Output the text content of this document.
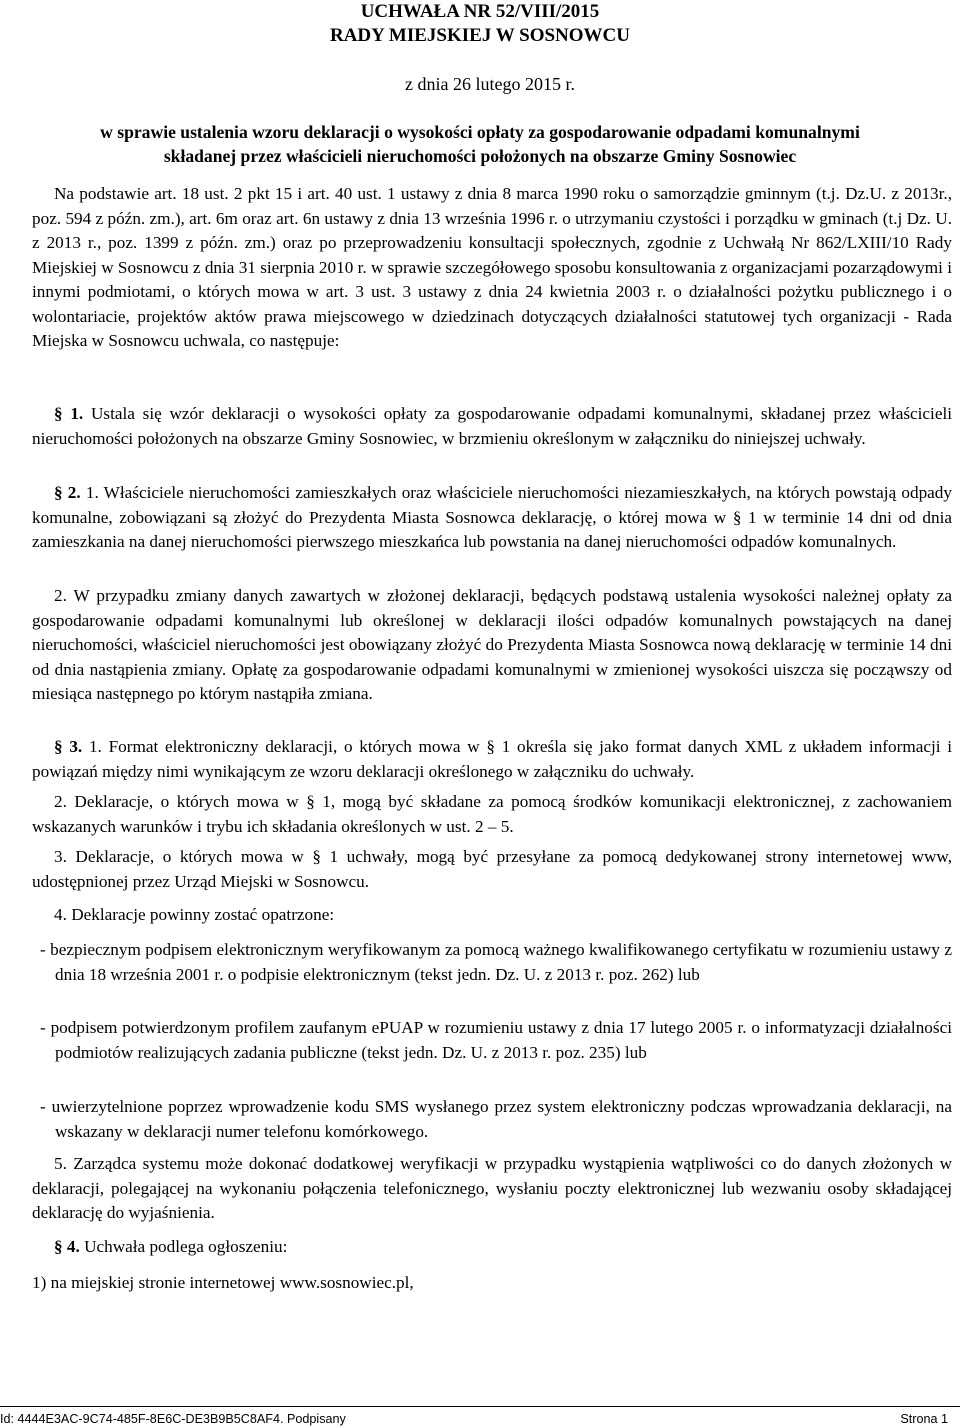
UCHWAŁA NR 52/VIII/2015
RADY MIEJSKIEJ W SOSNOWCU
z dnia 26 lutego 2015 r.
w sprawie ustalenia wzoru deklaracji o wysokości opłaty za gospodarowanie odpadami komunalnymi
składanej przez właścicieli nieruchomości położonych na obszarze Gminy Sosnowiec
Na podstawie art. 18 ust. 2 pkt 15 i art. 40 ust. 1 ustawy z dnia 8 marca 1990 roku o samorządzie gminnym (t.j. Dz.U. z 2013r., poz. 594 z późn. zm.), art. 6m oraz art. 6n ustawy z dnia 13 września 1996 r. o utrzymaniu czystości i porządku w gminach (t.j Dz. U. z 2013 r., poz. 1399 z późn. zm.) oraz po przeprowadzeniu konsultacji społecznych, zgodnie z Uchwałą Nr 862/LXIII/10 Rady Miejskiej w Sosnowcu z dnia 31 sierpnia 2010 r. w sprawie szczegółowego sposobu konsultowania z organizacjami pozarządowymi i innymi podmiotami, o których mowa w art. 3 ust. 3 ustawy z dnia 24 kwietnia 2003 r. o działalności pożytku publicznego i o wolontariacie, projektów aktów prawa miejscowego w dziedzinach dotyczących działalności statutowej tych organizacji - Rada Miejska w Sosnowcu uchwala, co następuje:
§ 1. Ustala się wzór deklaracji o wysokości opłaty za gospodarowanie odpadami komunalnymi, składanej przez właścicieli nieruchomości położonych na obszarze Gminy Sosnowiec, w brzmieniu określonym w załączniku do niniejszej uchwały.
§ 2. 1. Właściciele nieruchomości zamieszkałych oraz właściciele nieruchomości niezamieszkałych, na których powstają odpady komunalne, zobowiązani są złożyć do Prezydenta Miasta Sosnowca deklarację, o której mowa w § 1 w terminie 14 dni od dnia zamieszkania na danej nieruchomości pierwszego mieszkańca lub powstania na danej nieruchomości odpadów komunalnych.
2. W przypadku zmiany danych zawartych w złożonej deklaracji, będących podstawą ustalenia wysokości należnej opłaty za gospodarowanie odpadami komunalnymi lub określonej w deklaracji ilości odpadów komunalnych powstających na danej nieruchomości, właściciel nieruchomości jest obowiązany złożyć do Prezydenta Miasta Sosnowca nową deklarację w terminie 14 dni od dnia nastąpienia zmiany. Opłatę za gospodarowanie odpadami komunalnymi w zmienionej wysokości uiszcza się począwszy od miesiąca następnego po którym nastąpiła zmiana.
§ 3. 1. Format elektroniczny deklaracji, o których mowa w § 1 określa się jako format danych XML z układem informacji i powiązań między nimi wynikającym ze wzoru deklaracji określonego w załączniku do uchwały.
2. Deklaracje, o których mowa w § 1, mogą być składane za pomocą środków komunikacji elektronicznej, z zachowaniem wskazanych warunków i trybu ich składania określonych w ust. 2 – 5.
3. Deklaracje, o których mowa w § 1 uchwały, mogą być przesyłane za pomocą dedykowanej strony internetowej www, udostępnionej przez Urząd Miejski w Sosnowcu.
4. Deklaracje powinny zostać opatrzone:
- bezpiecznym podpisem elektronicznym weryfikowanym za pomocą ważnego kwalifikowanego certyfikatu w rozumieniu ustawy z dnia 18 września 2001 r. o podpisie elektronicznym (tekst jedn. Dz. U. z 2013 r. poz. 262) lub
- podpisem potwierdzonym profilem zaufanym ePUAP w rozumieniu ustawy z dnia 17 lutego 2005 r. o informatyzacji działalności podmiotów realizujących zadania publiczne (tekst jedn. Dz. U. z 2013 r. poz. 235) lub
- uwierzytelnione poprzez wprowadzenie kodu SMS wysłanego przez system elektroniczny podczas wprowadzania deklaracji, na wskazany w deklaracji numer telefonu komórkowego.
5. Zarządca systemu może dokonać dodatkowej weryfikacji w przypadku wystąpienia wątpliwości co do danych złożonych w deklaracji, polegającej na wykonaniu połączenia telefonicznego, wysłaniu poczty elektronicznej lub wezwaniu osoby składającej deklarację do wyjaśnienia.
§ 4. Uchwała podlega ogłoszeniu:
1) na miejskiej stronie internetowej www.sosnowiec.pl,
Id: 4444E3AC-9C74-485F-8E6C-DE3B9B5C8AF4. Podpisany	Strona 1
